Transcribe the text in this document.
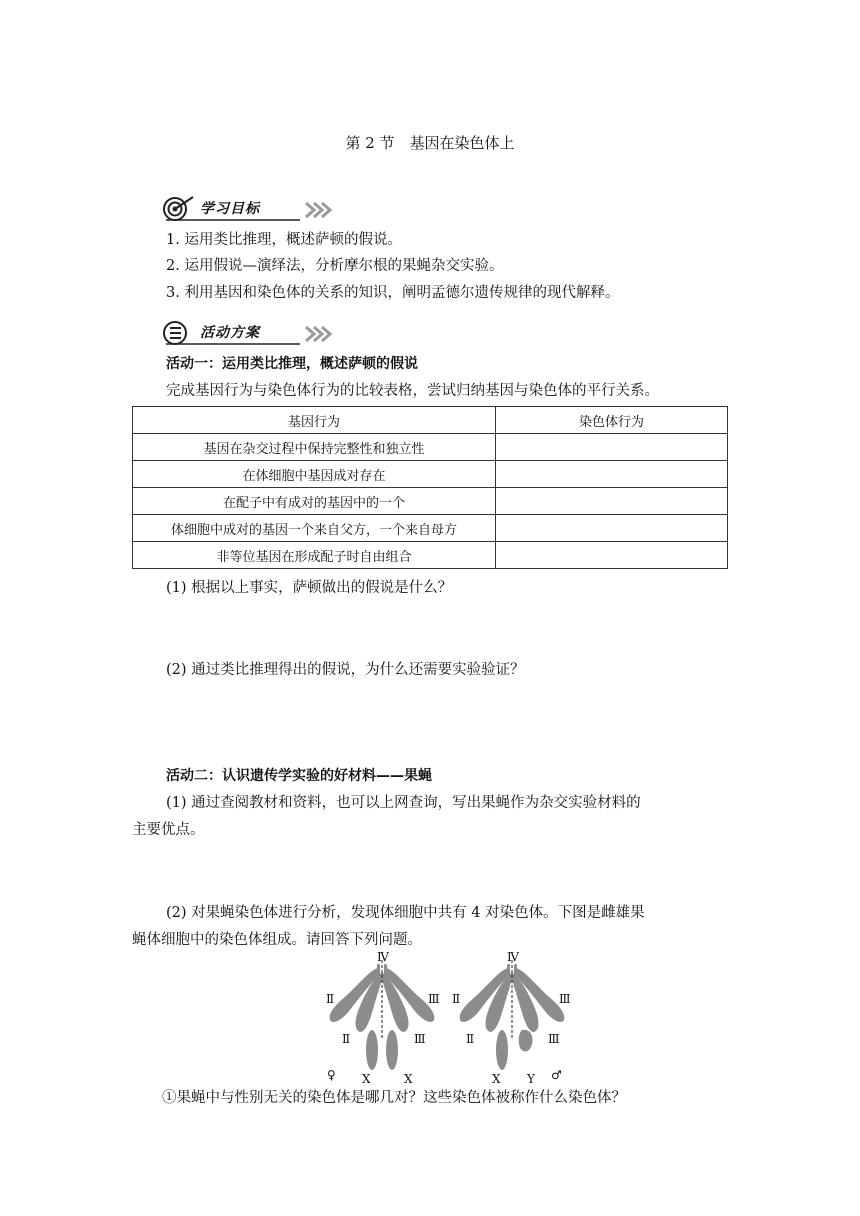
第 2 节　基因在染色体上
学习目标
1. 运用类比推理，概述萨顿的假说。
2. 运用假说—演绎法，分析摩尔根的果蝇杂交实验。
3. 利用基因和染色体的关系的知识，阐明孟德尔遗传规律的现代解释。
活动方案
活动一：运用类比推理，概述萨顿的假说
完成基因行为与染色体行为的比较表格，尝试归纳基因与染色体的平行关系。
基因行为	染色体行为
基因在杂交过程中保持完整性和独立性	
在体细胞中基因成对存在	
在配子中有成对的基因中的一个	
体细胞中成对的基因一个来自父方，一个来自母方	
非等位基因在形成配子时自由组合	
(1) 根据以上事实，萨顿做出的假说是什么？
(2) 通过类比推理得出的假说，为什么还需要实验验证？
活动二：认识遗传学实验的好材料——果蝇
(1) 通过查阅教材和资料，也可以上网查询，写出果蝇作为杂交实验材料的
主要优点。
(2) 对果蝇染色体进行分析，发现体细胞中共有 4 对染色体。下图是雌雄果
蝇体细胞中的染色体组成。请回答下列问题。
Ⅳ
Ⅱ	Ⅲ
Ⅱ	Ⅲ
♀ X	X
Ⅳ
Ⅱ	Ⅲ
Ⅱ	Ⅲ
X Y ♂
①果蝇中与性别无关的染色体是哪几对？这些染色体被称作什么染色体？
